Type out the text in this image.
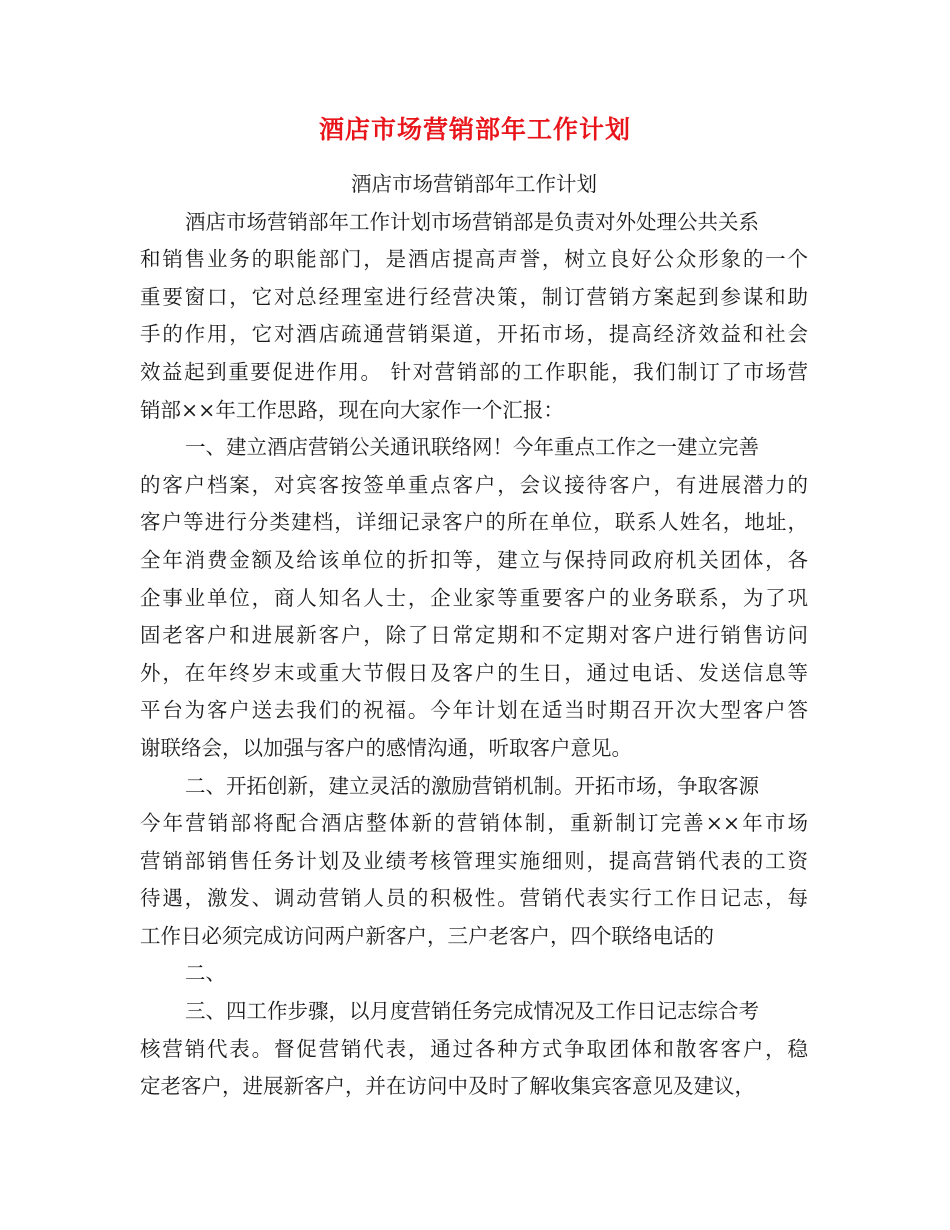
酒店市场营销部年工作计划
酒店市场营销部年工作计划
酒店市场营销部年工作计划市场营销部是负责对外处理公共关系
和销售业务的职能部门，是酒店提高声誉，树立良好公众形象的一个
重要窗口，它对总经理室进行经营决策，制订营销方案起到参谋和助
手的作用，它对酒店疏通营销渠道，开拓市场，提高经济效益和社会
效益起到重要促进作用。 针对营销部的工作职能，我们制订了市场营
销部××年工作思路，现在向大家作一个汇报：
一、建立酒店营销公关通讯联络网！今年重点工作之一建立完善
的客户档案，对宾客按签单重点客户，会议接待客户，有进展潜力的
客户等进行分类建档，详细记录客户的所在单位，联系人姓名，地址，
全年消费金额及给该单位的折扣等，建立与保持同政府机关团体，各
企事业单位，商人知名人士，企业家等重要客户的业务联系，为了巩
固老客户和进展新客户，除了日常定期和不定期对客户进行销售访问
外，在年终岁末或重大节假日及客户的生日，通过电话、发送信息等
平台为客户送去我们的祝福。今年计划在适当时期召开次大型客户答
谢联络会，以加强与客户的感情沟通，听取客户意见。
二、开拓创新，建立灵活的激励营销机制。开拓市场，争取客源
今年营销部将配合酒店整体新的营销体制，重新制订完善××年市场
营销部销售任务计划及业绩考核管理实施细则，提高营销代表的工资
待遇，激发、调动营销人员的积极性。营销代表实行工作日记志，每
工作日必须完成访问两户新客户，三户老客户，四个联络电话的
二、
三、四工作步骤，以月度营销任务完成情况及工作日记志综合考
核营销代表。督促营销代表，通过各种方式争取团体和散客客户，稳
定老客户，进展新客户，并在访问中及时了解收集宾客意见及建议，
